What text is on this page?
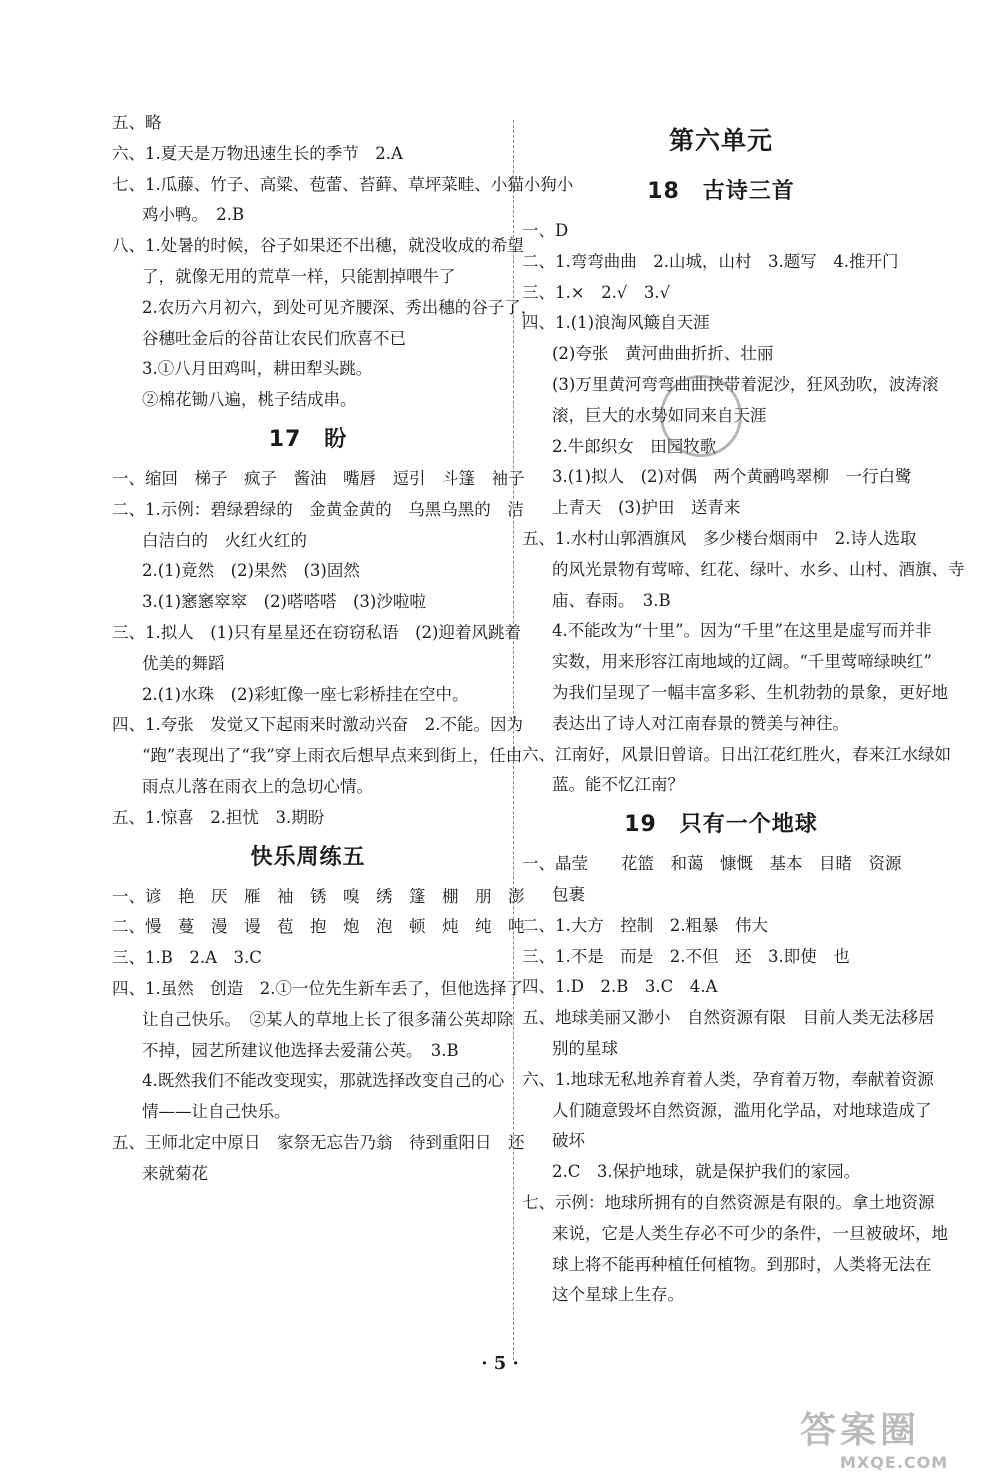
五、略
六、1.夏天是万物迅速生长的季节　2.A
七、1.瓜藤、竹子、高粱、苞蕾、苔藓、草坪菜畦、小猫小狗小
鸡小鸭。　2.B
八、1.处暑的时候，谷子如果还不出穗，就没收成的希望
了，就像无用的荒草一样，只能割掉喂牛了
2.农历六月初六，到处可见齐腰深、秀出穗的谷子了，
谷穗吐金后的谷苗让农民们欣喜不已
3.①八月田鸡叫，耕田犁头跳。
②棉花锄八遍，桃子结成串。
17　盼
一、缩回　梯子　疯子　酱油　嘴唇　逗引　斗篷　袖子
二、1.示例：碧绿碧绿的　金黄金黄的　乌黑乌黑的　洁
白洁白的　火红火红的
2.(1)竟然　(2)果然　(3)固然
3.(1)窸窸窣窣　(2)嗒嗒嗒　(3)沙啦啦
三、1.拟人　(1)只有星星还在窃窃私语　(2)迎着风跳着
优美的舞蹈
2.(1)水珠　(2)彩虹像一座七彩桥挂在空中。
四、1.夸张　发觉又下起雨来时激动兴奋　2.不能。因为
“跑”表现出了“我”穿上雨衣后想早点来到街上，任由
雨点儿落在雨衣上的急切心情。
五、1.惊喜　2.担忧　3.期盼
快乐周练五
一、谚　艳　厌　雁　袖　锈　嗅　绣　篷　棚　朋　澎
二、慢　蔓　漫　谩　苞　抱　炮　泡　顿　炖　纯　吨
三、1.B　2.A　3.C
四、1.虽然　创造　2.①一位先生新车丢了，但他选择了
让自己快乐。　②某人的草地上长了很多蒲公英却除
不掉，园艺所建议他选择去爱蒲公英。　3.B
4.既然我们不能改变现实，那就选择改变自己的心
情——让自己快乐。
五、王师北定中原日　家祭无忘告乃翁　待到重阳日　还
来就菊花
第六单元
18　古诗三首
一、D
二、1.弯弯曲曲　2.山城，山村　3.题写　4.推开门
三、1.×　2.√　3.√
四、1.(1)浪淘风簸自天涯
(2)夸张　黄河曲曲折折、壮丽
(3)万里黄河弯弯曲曲挟带着泥沙，狂风劲吹，波涛滚
滚，巨大的水势如同来自天涯
2.牛郎织女　田园牧歌
3.(1)拟人　(2)对偶　两个黄鹂鸣翠柳　一行白鹭
上青天　(3)护田　送青来
五、1.水村山郭酒旗风　多少楼台烟雨中　2.诗人选取
的风光景物有莺啼、红花、绿叶、水乡、山村、酒旗、寺
庙、春雨。　3.B
4.不能改为“十里”。因为“千里”在这里是虚写而并非
实数，用来形容江南地域的辽阔。“千里莺啼绿映红”
为我们呈现了一幅丰富多彩、生机勃勃的景象，更好地
表达出了诗人对江南春景的赞美与神往。
六、江南好，风景旧曾谙。日出江花红胜火，春来江水绿如
蓝。能不忆江南？
19　只有一个地球
一、晶莹　　花篮　和蔼　慷慨　基本　目睹　资源
包裹
二、1.大方　控制　2.粗暴　伟大
三、1.不是　而是　2.不但　还　3.即使　也
四、1.D　2.B　3.C　4.A
五、地球美丽又渺小　自然资源有限　目前人类无法移居
别的星球
六、1.地球无私地养育着人类，孕育着万物，奉献着资源
人们随意毁坏自然资源，滥用化学品，对地球造成了
破坏
2.C　3.保护地球，就是保护我们的家园。
七、示例：地球所拥有的自然资源是有限的。拿土地资源
来说，它是人类生存必不可少的条件，一旦被破坏，地
球上将不能再种植任何植物。到那时，人类将无法在
这个星球上生存。
· 5 ·
答案圈
MXQE.COM
